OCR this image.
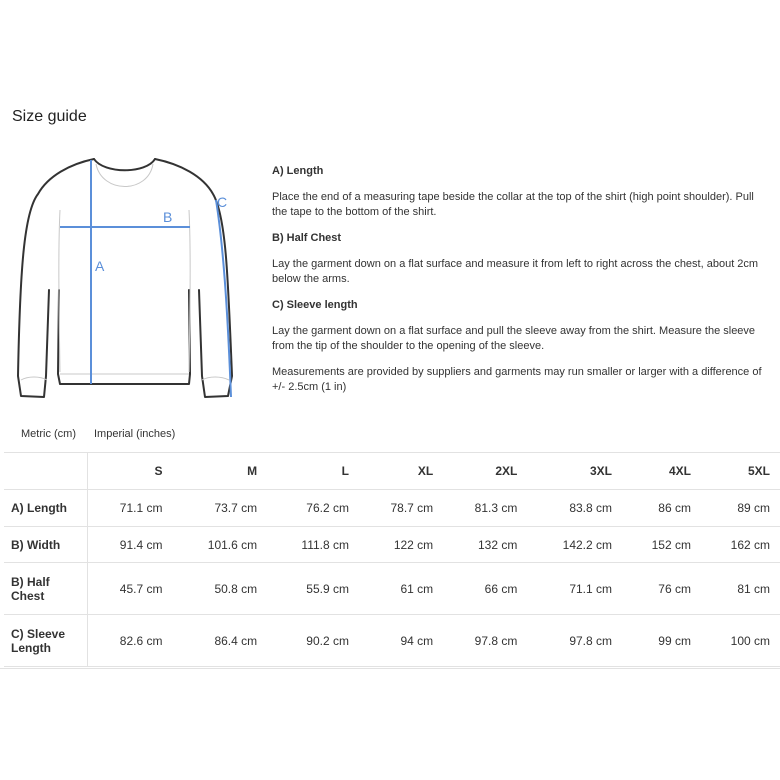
Size guide
A
B
C
A) Length
Place the end of a measuring tape beside the collar at the top of the shirt (high point shoulder). Pull the tape to the bottom of the shirt.
B) Half Chest
Lay the garment down on a flat surface and measure it from left to right across the chest, about 2cm below the arms.
C) Sleeve length
Lay the garment down on a flat surface and pull the sleeve away from the shirt. Measure the sleeve from the tip of the shoulder to the opening of the sleeve.
Measurements are provided by suppliers and garments may run smaller or larger with a difference of +/- 2.5cm (1 in)
Metric (cm) Imperial (inches)
	S	M	L	XL	2XL	3XL	4XL	5XL
A) Length	71.1 cm	73.7 cm	76.2 cm	78.7 cm	81.3 cm	83.8 cm	86 cm	89 cm
B) Width	91.4 cm	101.6 cm	111.8 cm	122 cm	132 cm	142.2 cm	152 cm	162 cm
B) Half Chest	45.7 cm	50.8 cm	55.9 cm	61 cm	66 cm	71.1 cm	76 cm	81 cm
C) Sleeve Length	82.6 cm	86.4 cm	90.2 cm	94 cm	97.8 cm	97.8 cm	99 cm	100 cm
